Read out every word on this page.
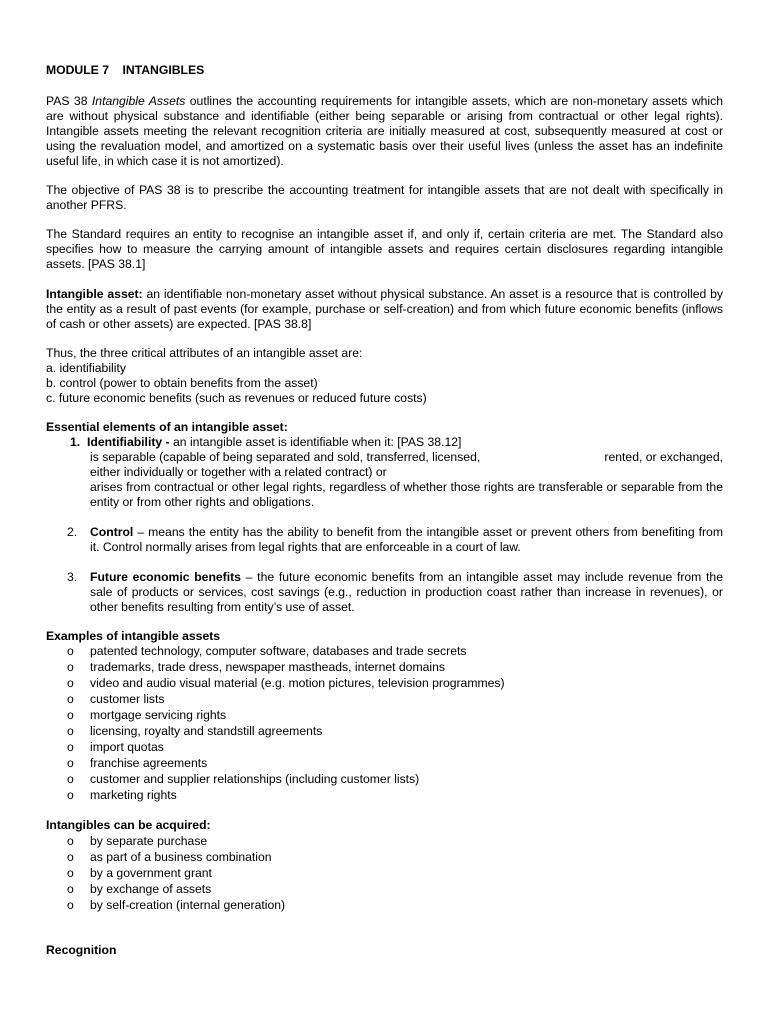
MODULE 7    INTANGIBLES

PAS 38 Intangible Assets outlines the accounting requirements for intangible assets, which are non-monetary assets which are without physical substance and identifiable (either being separable or arising from contractual or other legal rights). Intangible assets meeting the relevant recognition criteria are initially measured at cost, subsequently measured at cost or using the revaluation model, and amortized on a systematic basis over their useful lives (unless the asset has an indefinite useful life, in which case it is not amortized).

The objective of PAS 38 is to prescribe the accounting treatment for intangible assets that are not dealt with specifically in another PFRS.

The Standard requires an entity to recognise an intangible asset if, and only if, certain criteria are met. The Standard also specifies how to measure the carrying amount of intangible assets and requires certain disclosures regarding intangible assets. [PAS 38.1]

Intangible asset: an identifiable non-monetary asset without physical substance. An asset is a resource that is controlled by the entity as a result of past events (for example, purchase or self-creation) and from which future economic benefits (inflows of cash or other assets) are expected. [PAS 38.8]

Thus, the three critical attributes of an intangible asset are:
a. identifiability
b. control (power to obtain benefits from the asset)
c. future economic benefits (such as revenues or reduced future costs)
Essential elements of an intangible asset:
1. Identifiability - an intangible asset is identifiable when it: [PAS 38.12]
is separable (capable of being separated and sold, transferred, licensed,	rented, or exchanged,
either individually or together with a related contract) or
arises from contractual or other legal rights, regardless of whether those rights are transferable or separable from the entity or from other rights and obligations.
2. Control – means the entity has the ability to benefit from the intangible asset or prevent others from benefiting from it. Control normally arises from legal rights that are enforceable in a court of law.
3. Future economic benefits – the future economic benefits from an intangible asset may include revenue from the sale of products or services, cost savings (e.g., reduction in production coast rather than increase in revenues), or other benefits resulting from entity’s use of asset.
Examples of intangible assets
o patented technology, computer software, databases and trade secrets
o trademarks, trade dress, newspaper mastheads, internet domains
o video and audio visual material (e.g. motion pictures, television programmes)
o customer lists
o mortgage servicing rights
o licensing, royalty and standstill agreements
o import quotas
o franchise agreements
o customer and supplier relationships (including customer lists)
o marketing rights
Intangibles can be acquired:
o by separate purchase
o as part of a business combination
o by a government grant
o by exchange of assets
o by self-creation (internal generation)
Recognition
